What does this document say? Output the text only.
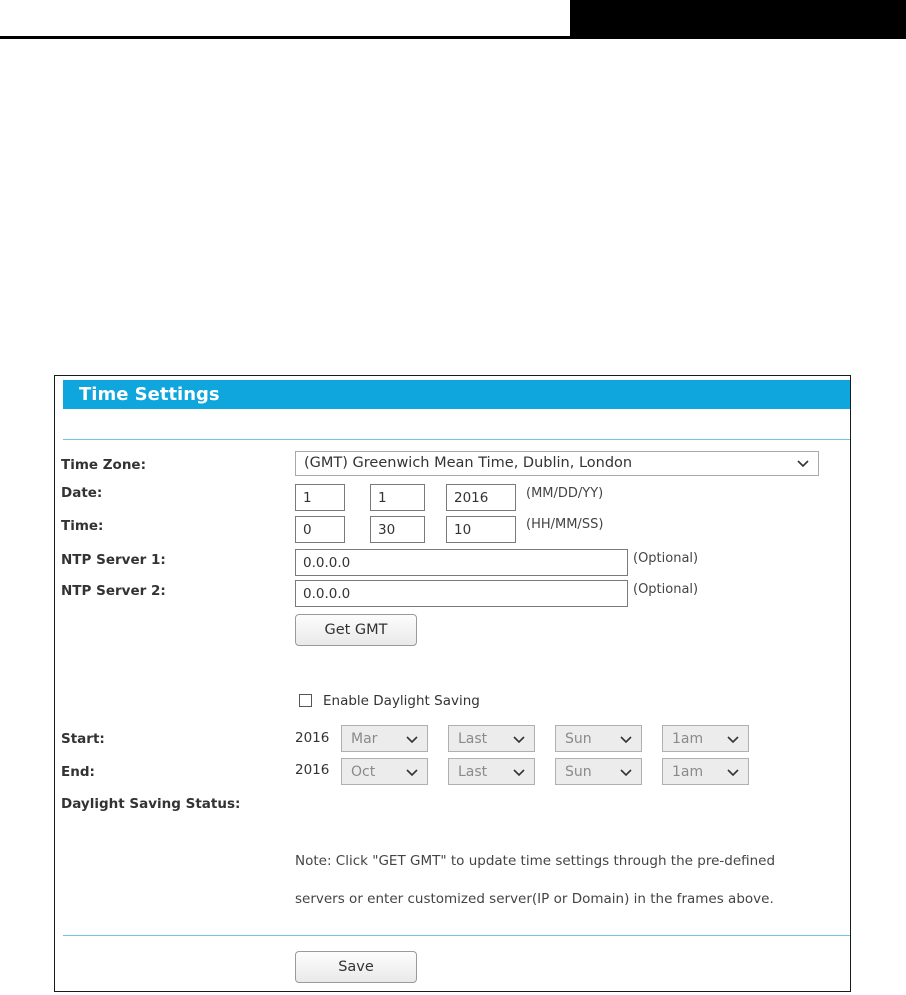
Time Settings
Time Zone:	(GMT) Greenwich Mean Time, Dublin, London
Date:	1	1	2016	(MM/DD/YY)
Time:	0	30	10	(HH/MM/SS)
NTP Server 1:	0.0.0.0	(Optional)
NTP Server 2:	0.0.0.0	(Optional)
Get GMT
Enable Daylight Saving
Start:	2016 Mar	Last	Sun	1am
End:	2016 Oct	Last	Sun	1am
Daylight Saving Status:
Note: Click "GET GMT" to update time settings through the pre-defined
servers or enter customized server(IP or Domain) in the frames above.
Save
